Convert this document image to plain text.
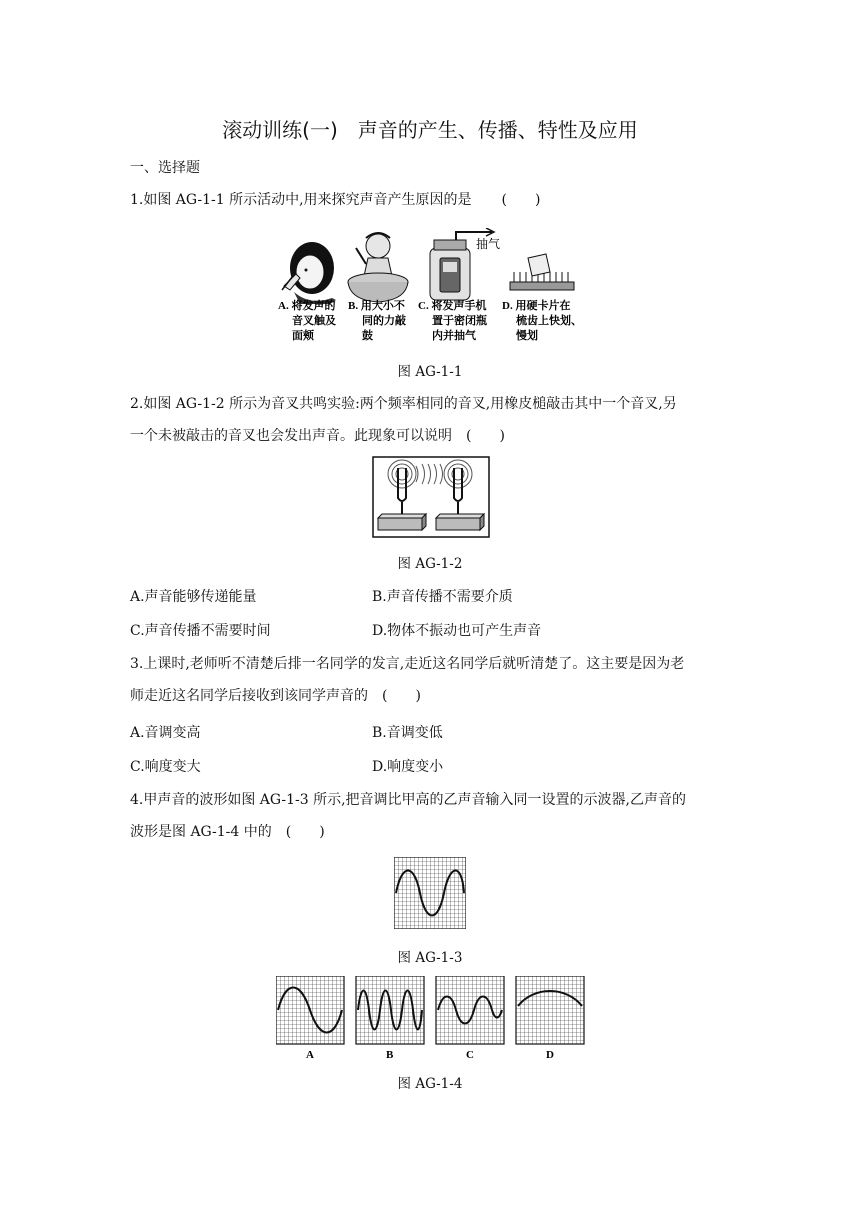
滚动训练(一)　声音的产生、传播、特性及应用
一、选择题
1.如图 AG-1-1 所示活动中,用来探究声音产生原因的是 (　　)
抽气
A. 将发声的
音叉触及
面颊
B. 用大小不
同的力敲
鼓
C. 将发声手机
置于密闭瓶
内并抽气
D. 用硬卡片在
梳齿上快划、
慢划
图 AG-1-1
2.如图 AG-1-2 所示为音叉共鸣实验:两个频率相同的音叉,用橡皮槌敲击其中一个音叉,另
一个未被敲击的音叉也会发出声音。此现象可以说明 (　　)
图 AG-1-2
A.声音能够传递能量	B.声音传播不需要介质
C.声音传播不需要时间	D.物体不振动也可产生声音
3.上课时,老师听不清楚后排一名同学的发言,走近这名同学后就听清楚了。这主要是因为老
师走近这名同学后接收到该同学声音的 (　　)
A.音调变高	B.音调变低
C.响度变大	D.响度变小
4.甲声音的波形如图 AG-1-3 所示,把音调比甲高的乙声音输入同一设置的示波器,乙声音的
波形是图 AG-1-4 中的 (　　)
图 AG-1-3
A	B	C	D
图 AG-1-4
